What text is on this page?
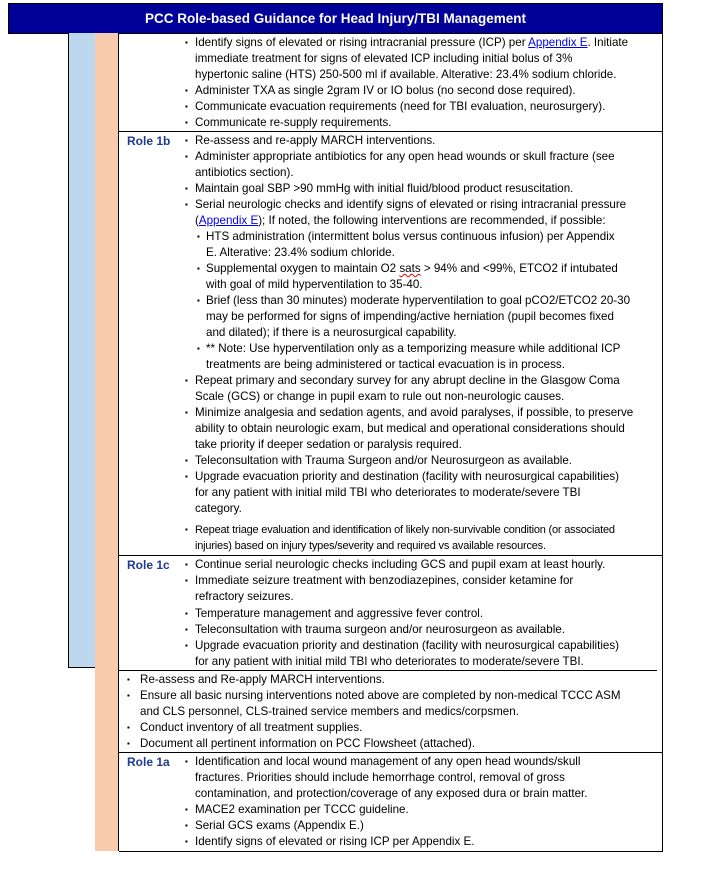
PCC Role-based Guidance for Head Injury/TBI Management
▪ Identify signs of elevated or rising intracranial pressure (ICP) per Appendix E. Initiate
immediate treatment for signs of elevated ICP including initial bolus of 3%
hypertonic saline (HTS) 250-500 ml if available. Alterative: 23.4% sodium chloride.
▪ Administer TXA as single 2gram IV or IO bolus (no second dose required).
▪ Communicate evacuation requirements (need for TBI evaluation, neurosurgery).
▪ Communicate re-supply requirements.
Role 1b ▪ Re-assess and re-apply MARCH interventions.
▪ Administer appropriate antibiotics for any open head wounds or skull fracture (see
antibiotics section).
▪ Maintain goal SBP >90 mmHg with initial fluid/blood product resuscitation.
▪ Serial neurologic checks and identify signs of elevated or rising intracranial pressure
(Appendix E); If noted, the following interventions are recommended, if possible:
▪ HTS administration (intermittent bolus versus continuous infusion) per Appendix
E. Alterative: 23.4% sodium chloride.
▪ Supplemental oxygen to maintain O2 sats > 94% and <99%, ETCO2 if intubated
with goal of mild hyperventilation to 35-40.
▪ Brief (less than 30 minutes) moderate hyperventilation to goal pCO2/ETCO2 20-30
may be performed for signs of impending/active herniation (pupil becomes fixed
and dilated); if there is a neurosurgical capability.
▪ ** Note: Use hyperventilation only as a temporizing measure while additional ICP
treatments are being administered or tactical evacuation is in process.
▪ Repeat primary and secondary survey for any abrupt decline in the Glasgow Coma
Scale (GCS) or change in pupil exam to rule out non-neurologic causes.
▪ Minimize analgesia and sedation agents, and avoid paralyses, if possible, to preserve
ability to obtain neurologic exam, but medical and operational considerations should
take priority if deeper sedation or paralysis required.
▪ Teleconsultation with Trauma Surgeon and/or Neurosurgeon as available.
▪ Upgrade evacuation priority and destination (facility with neurosurgical capabilities)
for any patient with initial mild TBI who deteriorates to moderate/severe TBI
category.
▪ Repeat triage evaluation and identification of likely non-survivable condition (or associated
injuries) based on injury types/severity and required vs available resources.
Role 1c ▪ Continue serial neurologic checks including GCS and pupil exam at least hourly.
▪ Immediate seizure treatment with benzodiazepines, consider ketamine for
refractory seizures.
▪ Temperature management and aggressive fever control.
▪ Teleconsultation with trauma surgeon and/or neurosurgeon as available.
▪ Upgrade evacuation priority and destination (facility with neurosurgical capabilities)
for any patient with initial mild TBI who deteriorates to moderate/severe TBI.
▪ Re-assess and Re-apply MARCH interventions.
▪ Ensure all basic nursing interventions noted above are completed by non-medical TCCC ASM
and CLS personnel, CLS-trained service members and medics/corpsmen.
▪ Conduct inventory of all treatment supplies.
▪ Document all pertinent information on PCC Flowsheet (attached).
Role 1a ▪ Identification and local wound management of any open head wounds/skull
fractures. Priorities should include hemorrhage control, removal of gross
contamination, and protection/coverage of any exposed dura or brain matter.
▪ MACE2 examination per TCCC guideline.
▪ Serial GCS exams (Appendix E.)
▪ Identify signs of elevated or rising ICP per Appendix E.
